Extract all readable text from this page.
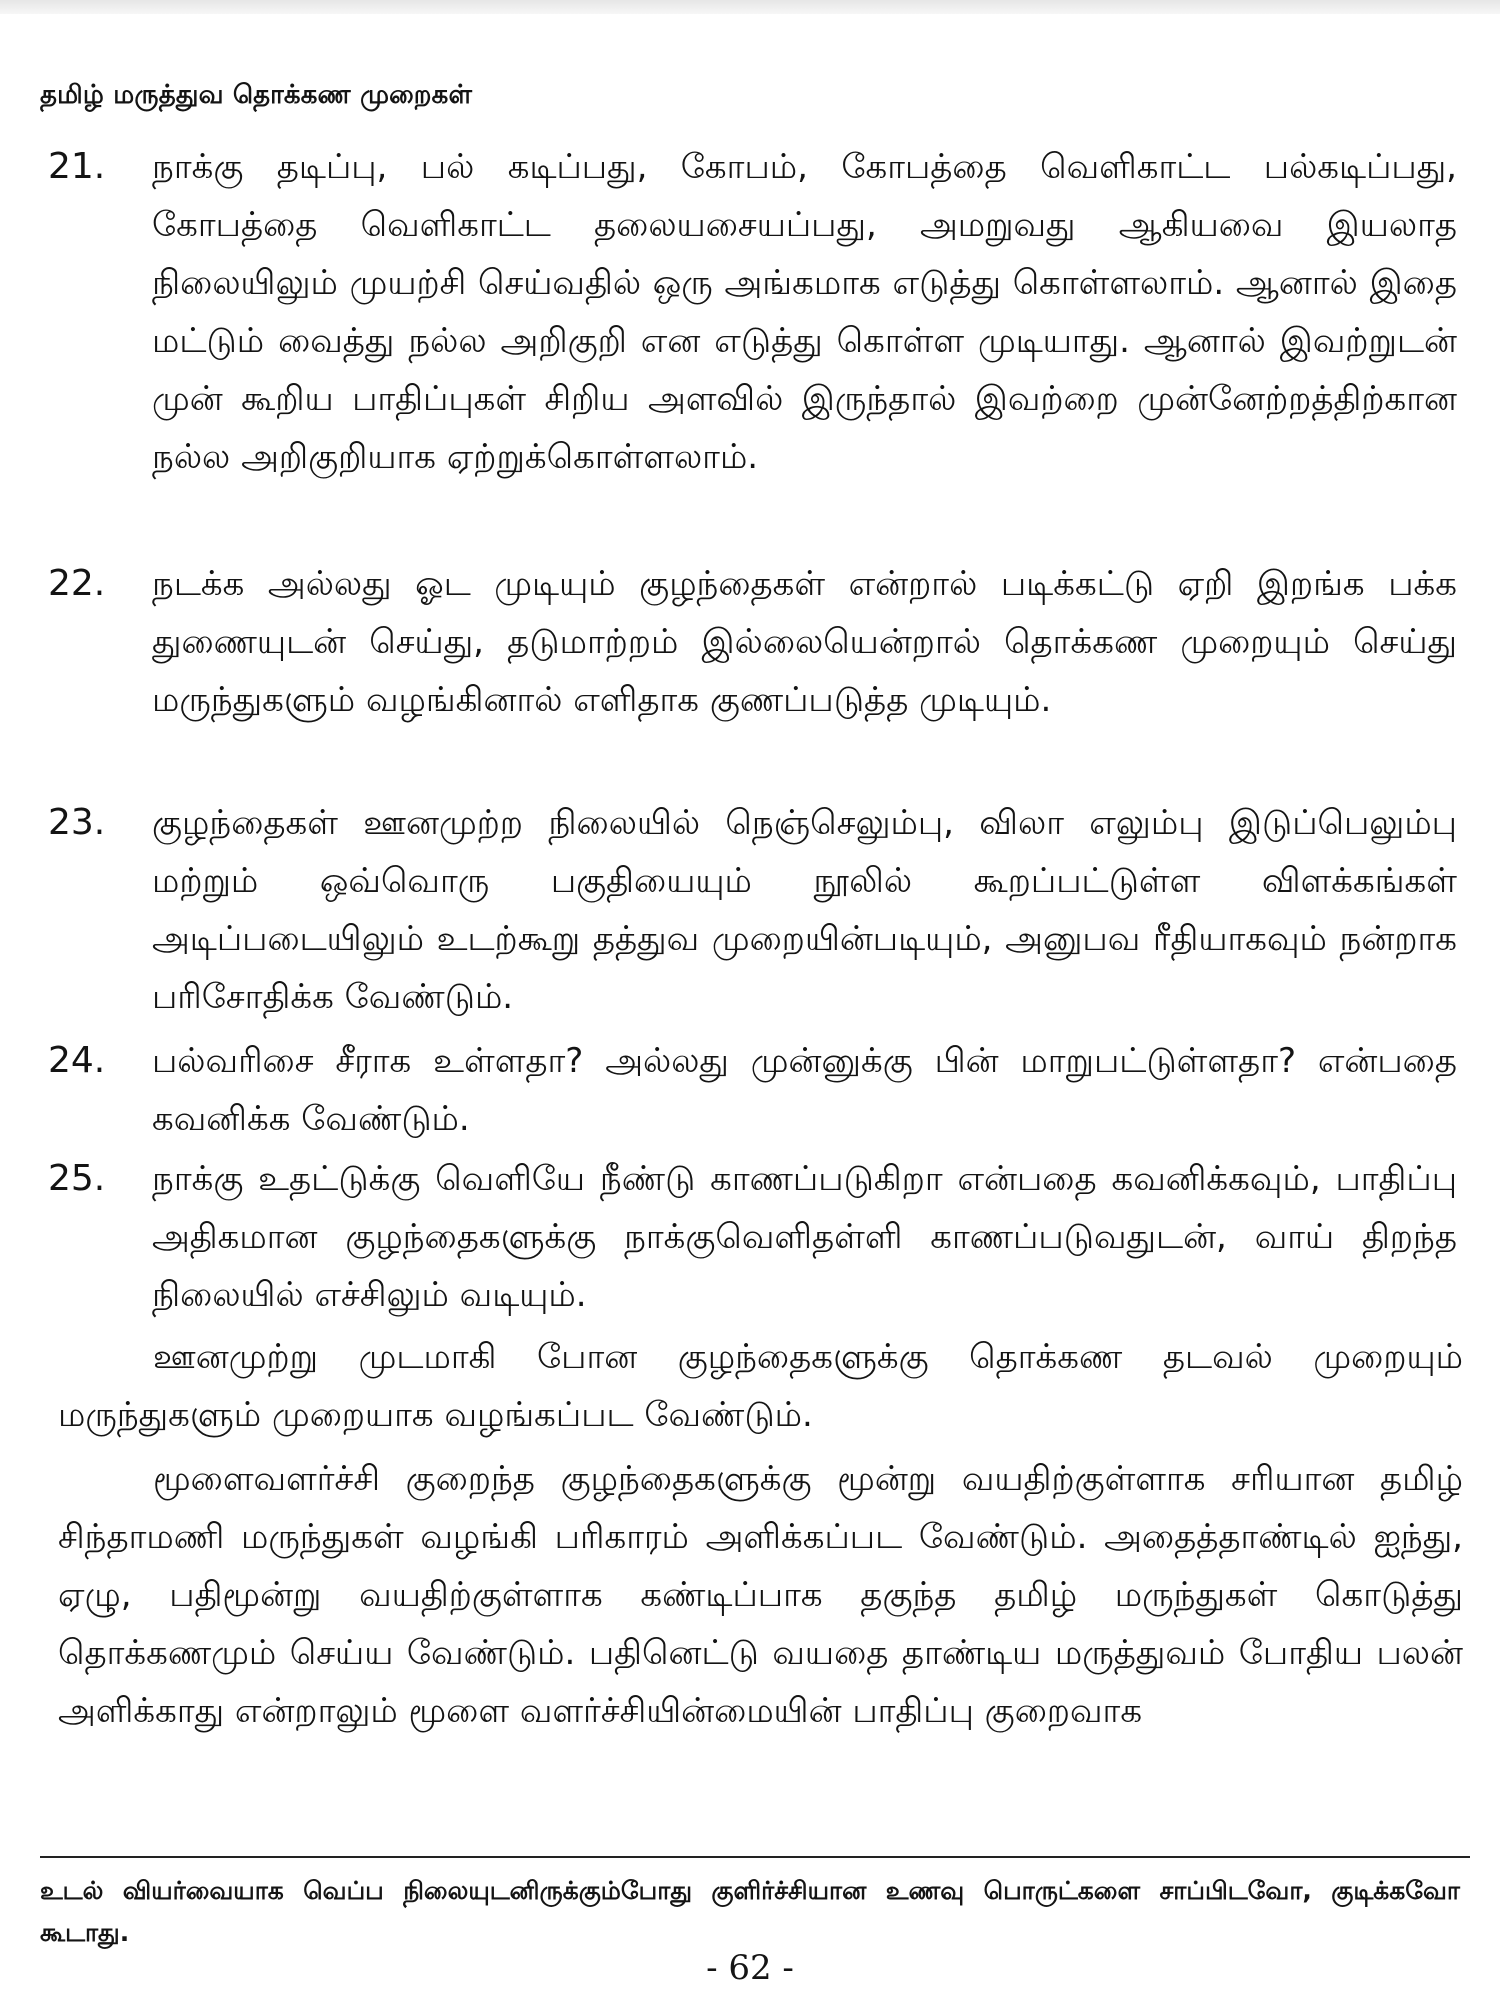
தமிழ் மருத்துவ தொக்கண முறைகள்
21. நாக்கு தடிப்பு, பல் கடிப்பது, கோபம், கோபத்தை வெளிகாட்ட பல்கடிப்பது, கோபத்தை வெளிகாட்ட தலையசையப்பது, அமறுவது ஆகியவை இயலாத நிலையிலும் முயற்சி செய்வதில் ஒரு அங்கமாக எடுத்து கொள்ளலாம். ஆனால் இதை மட்டும் வைத்து நல்ல அறிகுறி என எடுத்து கொள்ள முடியாது. ஆனால் இவற்றுடன் முன் கூறிய பாதிப்புகள் சிறிய அளவில் இருந்தால் இவற்றை முன்னேற்றத்திற்கான நல்ல அறிகுறியாக ஏற்றுக்கொள்ளலாம்.
22. நடக்க அல்லது ஓட முடியும் குழந்தைகள் என்றால் படிக்கட்டு ஏறி இறங்க பக்க துணையுடன் செய்து, தடுமாற்றம் இல்லையென்றால் தொக்கண முறையும் செய்து மருந்துகளும் வழங்கினால் எளிதாக குணப்படுத்த முடியும்.
23. குழந்தைகள் ஊனமுற்ற நிலையில் நெஞ்செலும்பு, விலா எலும்பு இடுப்பெலும்பு மற்றும் ஒவ்வொரு பகுதியையும் நூலில் கூறப்பட்டுள்ள விளக்கங்கள் அடிப்படையிலும் உடற்கூறு தத்துவ முறையின்படியும், அனுபவ ரீதியாகவும் நன்றாக பரிசோதிக்க வேண்டும்.
24. பல்வரிசை சீராக உள்ளதா? அல்லது முன்னுக்கு பின் மாறுபட்டுள்ளதா? என்பதை கவனிக்க வேண்டும்.
25. நாக்கு உதட்டுக்கு வெளியே நீண்டு காணப்படுகிறா என்பதை கவனிக்கவும், பாதிப்பு அதிகமான குழந்தைகளுக்கு நாக்குவெளிதள்ளி காணப்படுவதுடன், வாய் திறந்த நிலையில் எச்சிலும் வடியும்.
ஊனமுற்று முடமாகி போன குழந்தைகளுக்கு தொக்கண தடவல் முறையும் மருந்துகளும் முறையாக வழங்கப்பட வேண்டும்.
மூளைவளர்ச்சி குறைந்த குழந்தைகளுக்கு மூன்று வயதிற்குள்ளாக சரியான தமிழ் சிந்தாமணி மருந்துகள் வழங்கி பரிகாரம் அளிக்கப்பட வேண்டும். அதைத்தாண்டில் ஐந்து, ஏழு, பதிமூன்று வயதிற்குள்ளாக கண்டிப்பாக தகுந்த தமிழ் மருந்துகள் கொடுத்து தொக்கணமும் செய்ய வேண்டும். பதினெட்டு வயதை தாண்டிய மருத்துவம் போதிய பலன் அளிக்காது என்றாலும் மூளை வளர்ச்சியின்மையின் பாதிப்பு குறைவாக
உடல் வியர்வையாக வெப்ப நிலையுடனிருக்கும்போது குளிர்ச்சியான உணவு பொருட்களை சாப்பிடவோ, குடிக்கவோ கூடாது.
- 62 -
